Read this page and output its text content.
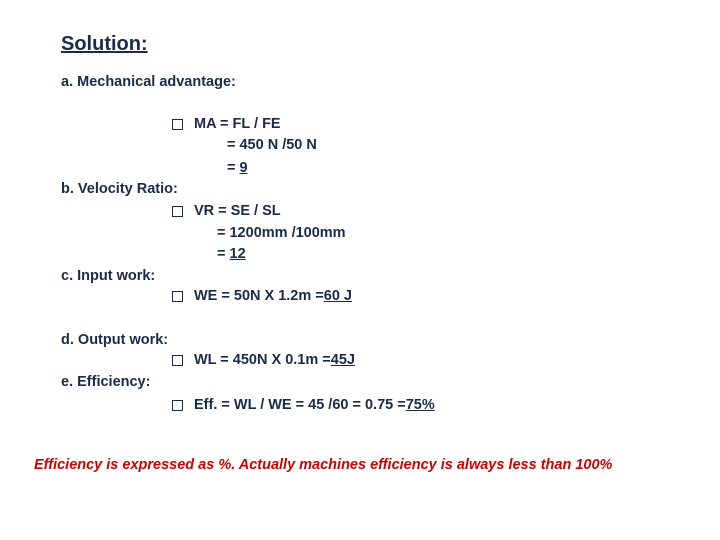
Solution:
a. Mechanical advantage:
MA = FL / FE
= 450 N /50 N
= 9
b. Velocity Ratio:
VR = SE / SL
= 1200mm /100mm
= 12
c. Input work:
WE = 50N X 1.2m = 60 J
d. Output work:
WL = 450N X 0.1m = 45J
e. Efficiency:
Eff. = WL / WE = 45 /60 = 0.75 = 75%
Efficiency is expressed as %. Actually machines efficiency is always less than 100%
